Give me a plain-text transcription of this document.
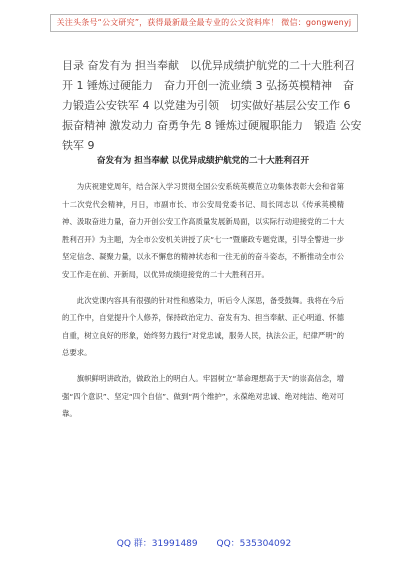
关注头条号“公文研究”，获得最新最全最专业的公文资料库！ 微信：gongwenyj

目录 奋发有为 担当奉献　以优异成绩护航党的二十大胜利召开 1 锤炼过硬能力　奋力开创一流业绩 3 弘扬英模精神　奋力锻造公安铁军 4 以党建为引领　切实做好基层公安工作 6 振奋精神 激发动力 奋勇争先 8 锤炼过硬履职能力　锻造 公安铁军 9

奋发有为 担当奉献 以优异成绩护航党的二十大胜利召开

为庆祝建党周年，结合深入学习贯彻全国公安系统英模范立功集体表彰大会和省第十二次党代会精神，月日，市副市长、市公安局党委书记、局长同志以《传承英模精神、汲取奋进力量，奋力开创公安工作高质量发展新局面，以实际行动迎接党的二十大胜利召开》为主题，为全市公安机关讲授了庆“七一”暨廉政专题党课，引导全警进一步坚定信念、凝聚力量，以永不懈怠的精神状态和一往无前的奋斗姿态，不断推动全市公安工作走在前、开新局，以优异成绩迎接党的二十大胜利召开。

此次党课内容具有很强的针对性和感染力，听后令人深思，备受鼓舞。我将在今后的工作中，自觉提升个人修养，保持政治定力、奋发有为、担当奉献、正心明道、怀德自重，树立良好的形象，始终努力践行“对党忠诚，服务人民，执法公正，纪律严明”的总要求。

旗帜鲜明讲政治，做政治上的明白人。牢固树立“革命理想高于天”的崇高信念，增强“四个意识”、坚定“四个自信”、做到“两个维护”，永葆绝对忠诚、绝对纯洁、绝对可靠。

QQ 群：31991489 QQ：535304092
